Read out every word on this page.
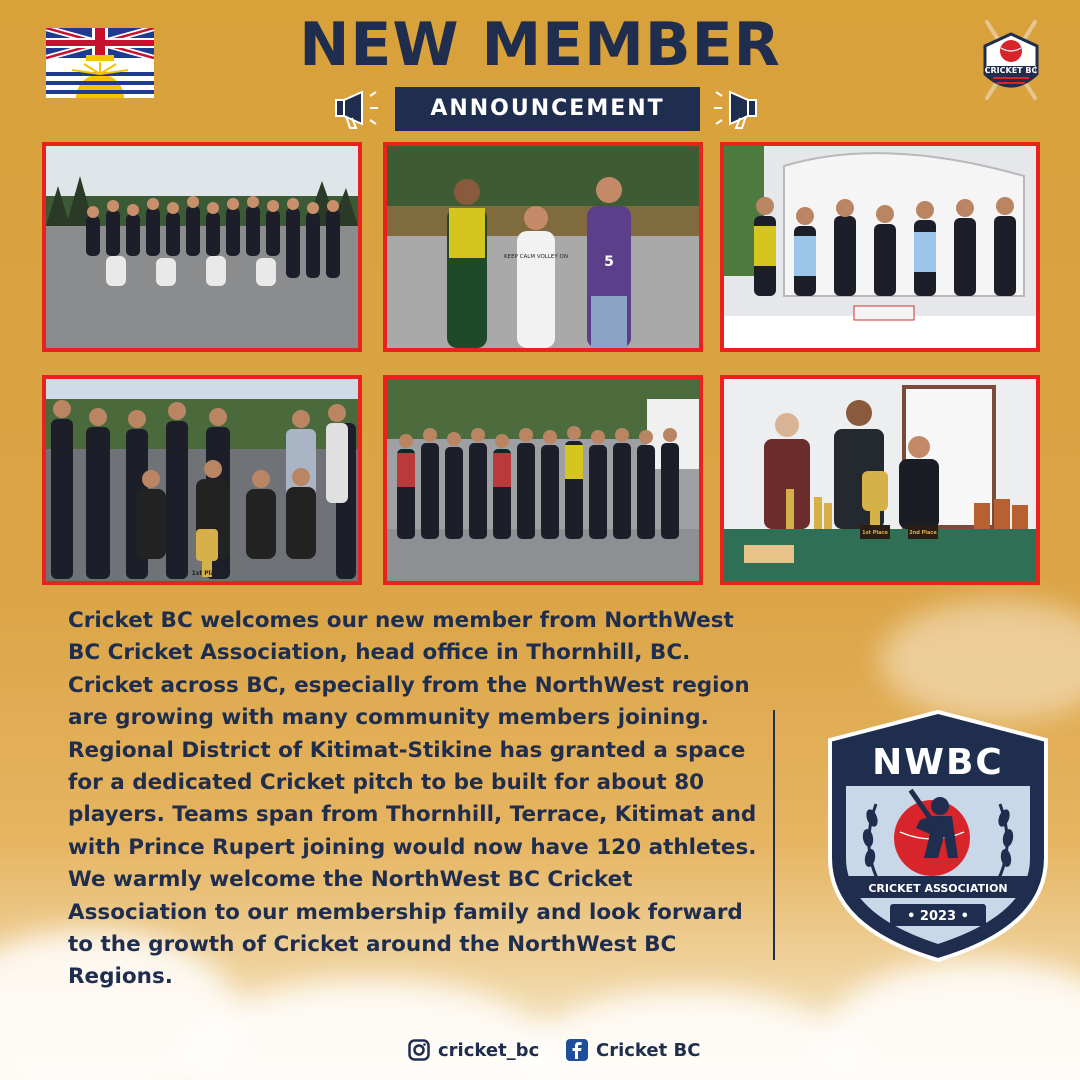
NEW MEMBER
ANNOUNCEMENT
CRICKET BC
KEEP CALM VOLLEY ON	5
1st Place
1st Place	2nd Place

Cricket BC welcomes our new member from NorthWest BC Cricket Association, head office in Thornhill, BC. Cricket across BC, especially from the NorthWest region are growing with many community members joining.

Regional District of Kitimat-Stikine has granted a space for a dedicated Cricket pitch to be built for about 80 players. Teams span from Thornhill, Terrace, Kitimat and with Prince Rupert joining would now have 120 athletes.

We warmly welcome the NorthWest BC Cricket Association to our membership family and look forward to the growth of Cricket around the NorthWest BC Regions.

NWBC
CRICKET ASSOCIATION
• 2023 •
cricket_bc	Cricket BC
